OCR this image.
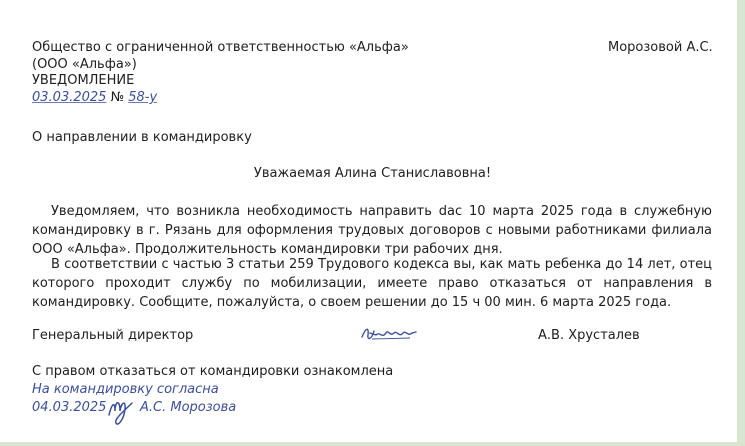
Общество с ограниченной ответственностью «Альфа»
(ООО «Альфа»)
УВЕДОМЛЕНИЕ
03.03.2025 № 58-у
Морозовой А.С.
О направлении в командировку
Уважаемая Алина Станиславовна!
Уведомляем, что возникла необходимость направить dac 10 марта 2025 года в служебную командировку в г. Рязань для оформления трудовых договоров с новыми работниками филиала ООО «Альфа». Продолжительность командировки три рабочих дня.
В соответствии с частью 3 статьи 259 Трудового кодекса вы, как мать ребенка до 14 лет, отец которого проходит службу по мобилизации, имеете право отказаться от направления в командировку. Сообщите, пожалуйста, о своем решении до 15 ч 00 мин. 6 марта 2025 года.
Генеральный директор	А.В. Хрусталев
С правом отказаться от командировки ознакомлена
На командировку согласна
04.03.2025	А.С. Морозова
